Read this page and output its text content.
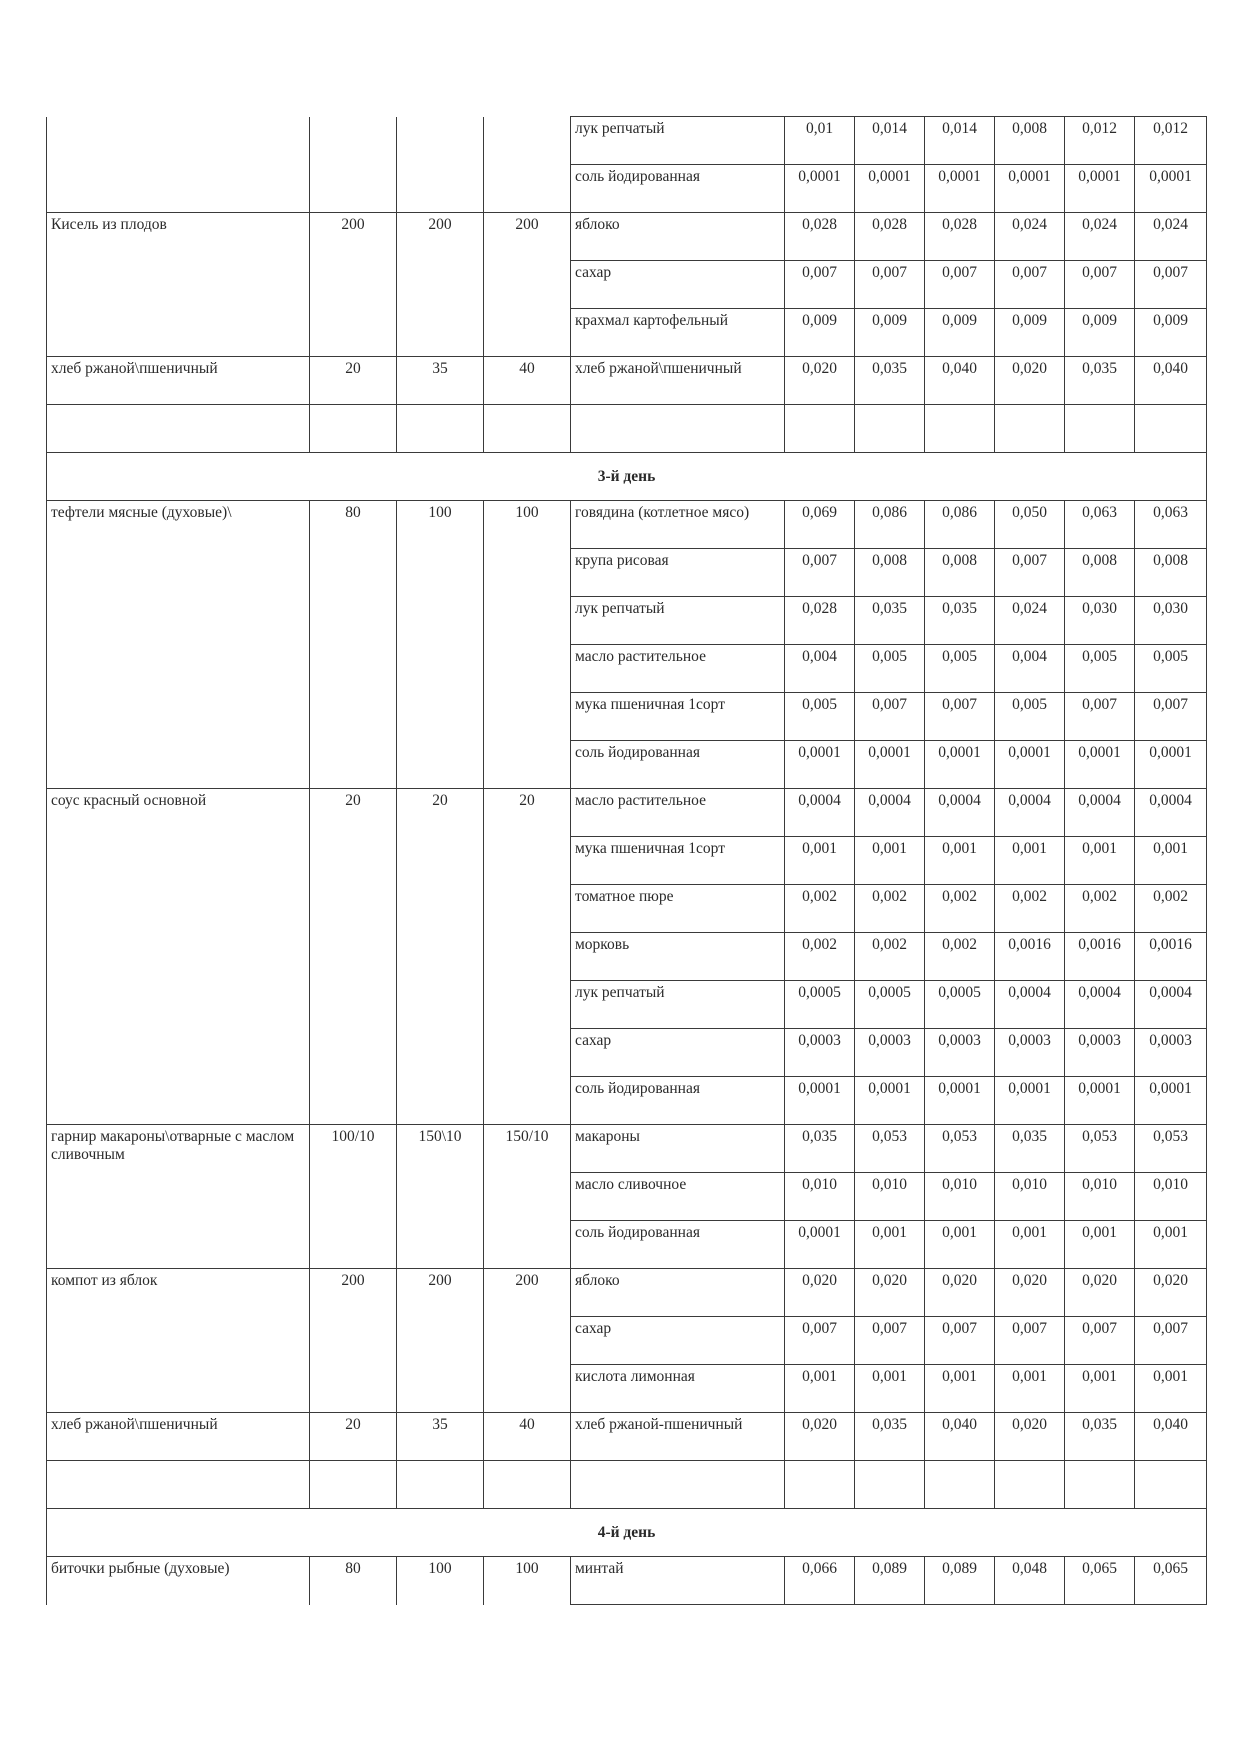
				лук репчатый	0,01	0,014	0,014	0,008	0,012	0,012
				соль йодированная	0,0001	0,0001	0,0001	0,0001	0,0001	0,0001
Кисель из плодов	200	200	200	яблоко	0,028	0,028	0,028	0,024	0,024	0,024
				сахар	0,007	0,007	0,007	0,007	0,007	0,007
				крахмал картофельный	0,009	0,009	0,009	0,009	0,009	0,009
хлеб ржаной\пшеничный	20	35	40	хлеб ржаной\пшеничный	0,020	0,035	0,040	0,020	0,035	0,040

3-й день										
тефтели мясные (духовые)\	80	100	100	говядина (котлетное мясо)	0,069	0,086	0,086	0,050	0,063	0,063
				крупа рисовая	0,007	0,008	0,008	0,007	0,008	0,008
				лук репчатый	0,028	0,035	0,035	0,024	0,030	0,030
				масло растительное	0,004	0,005	0,005	0,004	0,005	0,005
				мука пшеничная 1сорт	0,005	0,007	0,007	0,005	0,007	0,007
				соль йодированная	0,0001	0,0001	0,0001	0,0001	0,0001	0,0001
соус красный основной	20	20	20	масло растительное	0,0004	0,0004	0,0004	0,0004	0,0004	0,0004
				мука пшеничная 1сорт	0,001	0,001	0,001	0,001	0,001	0,001
				томатное пюре	0,002	0,002	0,002	0,002	0,002	0,002
				морковь	0,002	0,002	0,002	0,0016	0,0016	0,0016
				лук репчатый	0,0005	0,0005	0,0005	0,0004	0,0004	0,0004
				сахар	0,0003	0,0003	0,0003	0,0003	0,0003	0,0003
				соль йодированная	0,0001	0,0001	0,0001	0,0001	0,0001	0,0001
гарнир макароны\отварные с маслом сливочным	100/10	150\10	150/10	макароны	0,035	0,053	0,053	0,035	0,053	0,053
				масло сливочное	0,010	0,010	0,010	0,010	0,010	0,010
				соль йодированная	0,0001	0,001	0,001	0,001	0,001	0,001
компот из яблок	200	200	200	яблоко	0,020	0,020	0,020	0,020	0,020	0,020
				сахар	0,007	0,007	0,007	0,007	0,007	0,007
				кислота лимонная	0,001	0,001	0,001	0,001	0,001	0,001
хлеб ржаной\пшеничный	20	35	40	хлеб ржаной-пшеничный	0,020	0,035	0,040	0,020	0,035	0,040

4-й день										
биточки рыбные (духовые)	80	100	100	минтай	0,066	0,089	0,089	0,048	0,065	0,065
